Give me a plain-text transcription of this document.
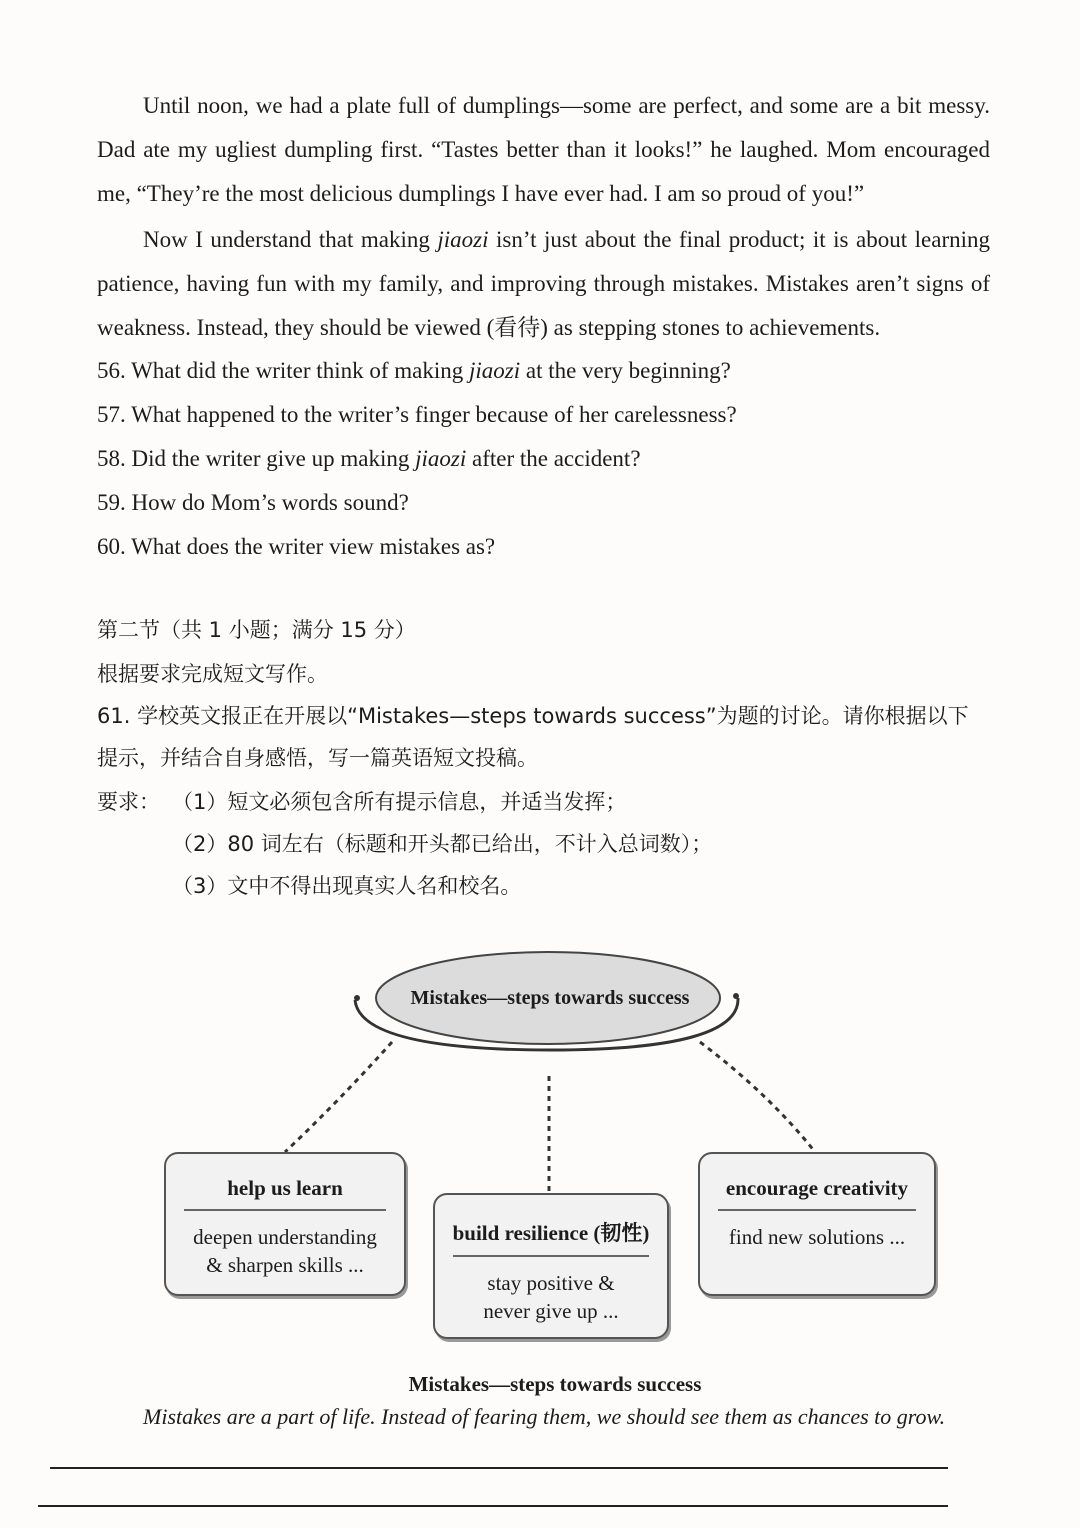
Until noon, we had a plate full of dumplings—some are perfect, and some are a bit messy. Dad ate my ugliest dumpling first. “Tastes better than it looks!” he laughed. Mom encouraged me, “They’re the most delicious dumplings I have ever had. I am so proud of you!”

Now I understand that making jiaozi isn’t just about the final product; it is about learning patience, having fun with my family, and improving through mistakes. Mistakes aren’t signs of weakness. Instead, they should be viewed (看待) as stepping stones to achievements.

56. What did the writer think of making jiaozi at the very beginning?

57. What happened to the writer’s finger because of her carelessness?

58. Did the writer give up making jiaozi after the accident?

59. How do Mom’s words sound?

60. What does the writer view mistakes as?

第二节（共 1 小题；满分 15 分）

根据要求完成短文写作。

61. 学校英文报正在开展以“Mistakes—steps towards success”为题的讨论。请你根据以下提示，并结合自身感悟，写一篇英语短文投稿。

要求： （1）短文必须包含所有提示信息，并适当发挥；

（2）80 词左右（标题和开头都已给出，不计入总词数）；

（3）文中不得出现真实人名和校名。

Mistakes—steps towards success
help us learn
deepen understanding
& sharpen skills ...
build resilience (韧性)
stay positive &
never give up ...
encourage creativity
find new solutions ...
Mistakes—steps towards success

Mistakes are a part of life. Instead of fearing them, we should see them as chances to grow.
